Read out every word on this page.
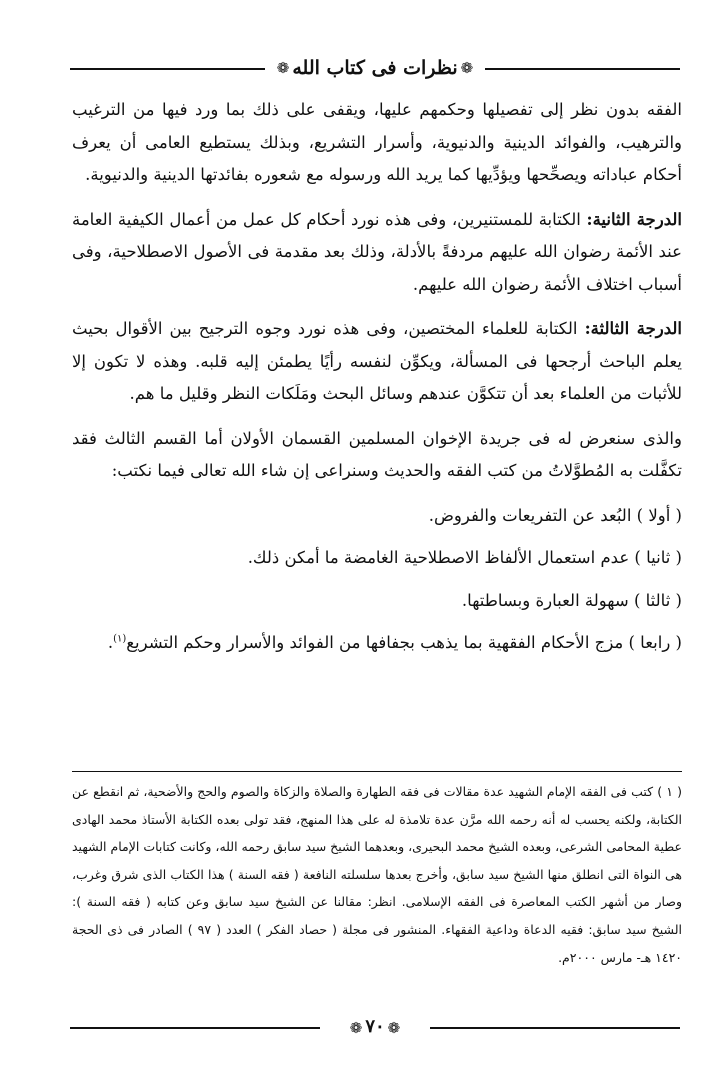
❁ نظرات فى كتاب الله ❁

الفقه بدون نظر إلى تفصيلها وحكمهم عليها، ويقفى على ذلك بما ورد فيها من الترغيب والترهيب، والفوائد الدينية والدنيوية، وأسرار التشريع، وبذلك يستطيع العامى أن يعرف أحكام عباداته ويصحِّحها ويؤدِّيها كما يريد الله ورسوله مع شعوره بفائدتها الدينية والدنيوية.

الدرجة الثانية: الكتابة للمستنيرين، وفى هذه نورد أحكام كل عمل من أعمال الكيفية العامة عند الأئمة رضوان الله عليهم مردفةً بالأدلة، وذلك بعد مقدمة فى الأصول الاصطلاحية، وفى أسباب اختلاف الأئمة رضوان الله عليهم.

الدرجة الثالثة: الكتابة للعلماء المختصين، وفى هذه نورد وجوه الترجيح بين الأقوال بحيث يعلم الباحث أرجحها فى المسألة، ويكوِّن لنفسه رأيًا يطمئن إليه قلبه. وهذه لا تكون إلا للأثبات من العلماء بعد أن تتكوَّن عندهم وسائل البحث ومَلَكات النظر وقليل ما هم.

والذى سنعرض له فى جريدة الإخوان المسلمين القسمان الأولان أما القسم الثالث فقد تكفَّلت به المُطوَّلاتُ من كتب الفقه والحديث وسنراعى إن شاء الله تعالى فيما نكتب:

( أولا ) البُعد عن التفريعات والفروض.

( ثانيا ) عدم استعمال الألفاظ الاصطلاحية الغامضة ما أمكن ذلك.

( ثالثا ) سهولة العبارة وبساطتها.

( رابعا ) مزج الأحكام الفقهية بما يذهب بجفافها من الفوائد والأسرار وحكم التشريع$^{(١)}$.

( ١ ) كتب فى الفقه الإمام الشهيد عدة مقالات فى فقه الطهارة والصلاة والزكاة والصوم والحج والأضحية، ثم انقطع عن الكتابة، ولكنه يحسب له أنه رحمه الله مرَّن عدة تلامذة له على هذا المنهج، فقد تولى بعده الكتابة الأستاذ محمد الهادى عطية المحامى الشرعى، وبعده الشيخ محمد البحيرى، وبعدهما الشيخ سيد سابق رحمه الله، وكانت كتابات الإمام الشهيد هى النواة التى انطلق منها الشيخ سيد سابق، وأخرج بعدها سلسلته النافعة ( فقه السنة ) هذا الكتاب الذى شرق وغرب، وصار من أشهر الكتب المعاصرة فى الفقه الإسلامى. انظر: مقالنا عن الشيخ سيد سابق وعن كتابه ( فقه السنة ): الشيخ سيد سابق: فقيه الدعاة وداعية الفقهاء. المنشور فى مجلة ( حصاد الفكر ) العدد ( ٩٧ ) الصادر فى ذى الحجة ١٤٢٠ هـ- مارس ٢٠٠٠م.

❁ ٧٠ ❁
